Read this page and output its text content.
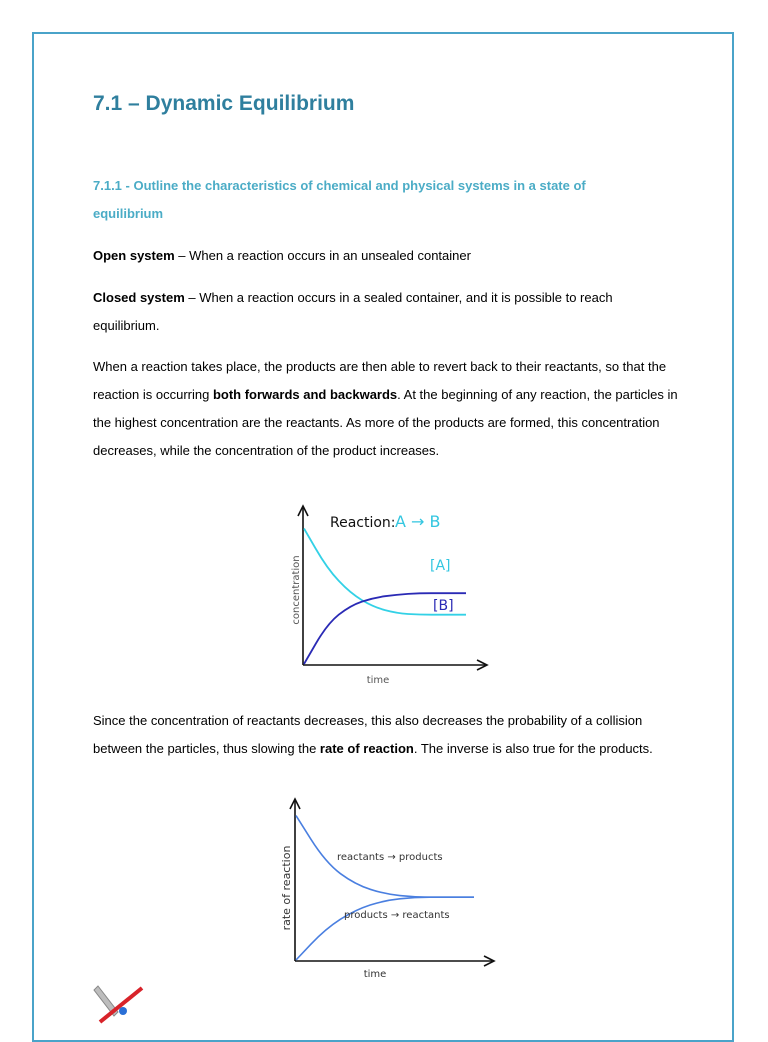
7.1 – Dynamic Equilibrium
7.1.1 - Outline the characteristics of chemical and physical systems in a state of equilibrium

Open system – When a reaction occurs in an unsealed container

Closed system – When a reaction occurs in a sealed container, and it is possible to reach equilibrium.

When a reaction takes place, the products are then able to revert back to their reactants, so that the reaction is occurring both forwards and backwards. At the beginning of any reaction, the particles in the highest concentration are the reactants. As more of the products are formed, this concentration decreases, while the concentration of the product increases.

Since the concentration of reactants decreases, this also decreases the probability of a collision between the particles, thus slowing the rate of reaction. The inverse is also true for the products.

Reaction: A → B
concentration
time
[A]
[B]
rate of reaction
time
reactants → products
products → reactants
